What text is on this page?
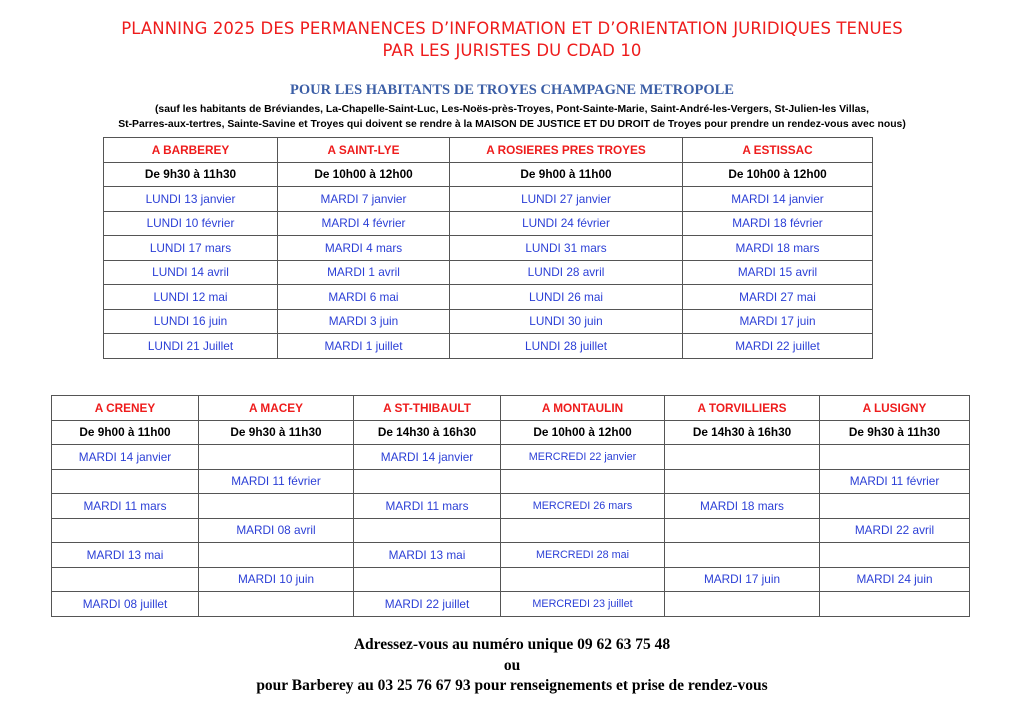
PLANNING 2025 DES PERMANENCES D’INFORMATION ET D’ORIENTATION JURIDIQUES TENUES
PAR LES JURISTES DU CDAD 10
POUR LES HABITANTS DE TROYES CHAMPAGNE METROPOLE
(sauf les habitants de Bréviandes, La-Chapelle-Saint-Luc, Les-Noës-près-Troyes, Pont-Sainte-Marie, Saint-André-les-Vergers, St-Julien-les Villas,
St-Parres-aux-tertres, Sainte-Savine et Troyes qui doivent se rendre à la MAISON DE JUSTICE ET DU DROIT de Troyes pour prendre un rendez-vous avec nous)
A BARBEREY	A SAINT-LYE	A ROSIERES PRES TROYES	A ESTISSAC
De 9h30 à 11h30	De 10h00 à 12h00	De 9h00 à 11h00	De 10h00 à 12h00
LUNDI 13 janvier	MARDI 7 janvier	LUNDI 27 janvier	MARDI 14 janvier
LUNDI 10 février	MARDI 4 février	LUNDI 24 février	MARDI 18 février
LUNDI 17 mars	MARDI 4 mars	LUNDI 31 mars	MARDI 18 mars
LUNDI 14 avril	MARDI 1 avril	LUNDI 28 avril	MARDI 15 avril
LUNDI 12 mai	MARDI 6 mai	LUNDI 26 mai	MARDI 27 mai
LUNDI 16 juin	MARDI 3 juin	LUNDI 30 juin	MARDI 17 juin
LUNDI 21 Juillet	MARDI 1 juillet	LUNDI 28 juillet	MARDI 22 juillet
A CRENEY	A MACEY	A ST-THIBAULT	A MONTAULIN	A TORVILLIERS	A LUSIGNY
De 9h00 à 11h00	De 9h30 à 11h30	De 14h30 à 16h30	De 10h00 à 12h00	De 14h30 à 16h30	De 9h30 à 11h30
MARDI 14 janvier		MARDI 14 janvier	MERCREDI 22 janvier		
	MARDI 11 février				MARDI 11 février
MARDI 11 mars		MARDI 11 mars	MERCREDI 26 mars	MARDI 18 mars	
	MARDI 08 avril				MARDI 22 avril
MARDI 13 mai		MARDI 13 mai	MERCREDI 28 mai		
	MARDI 10 juin			MARDI 17 juin	MARDI 24 juin
MARDI 08 juillet		MARDI 22 juillet	MERCREDI 23 juillet		
Adressez-vous au numéro unique 09 62 63 75 48
ou
pour Barberey au 03 25 76 67 93 pour renseignements et prise de rendez-vous
